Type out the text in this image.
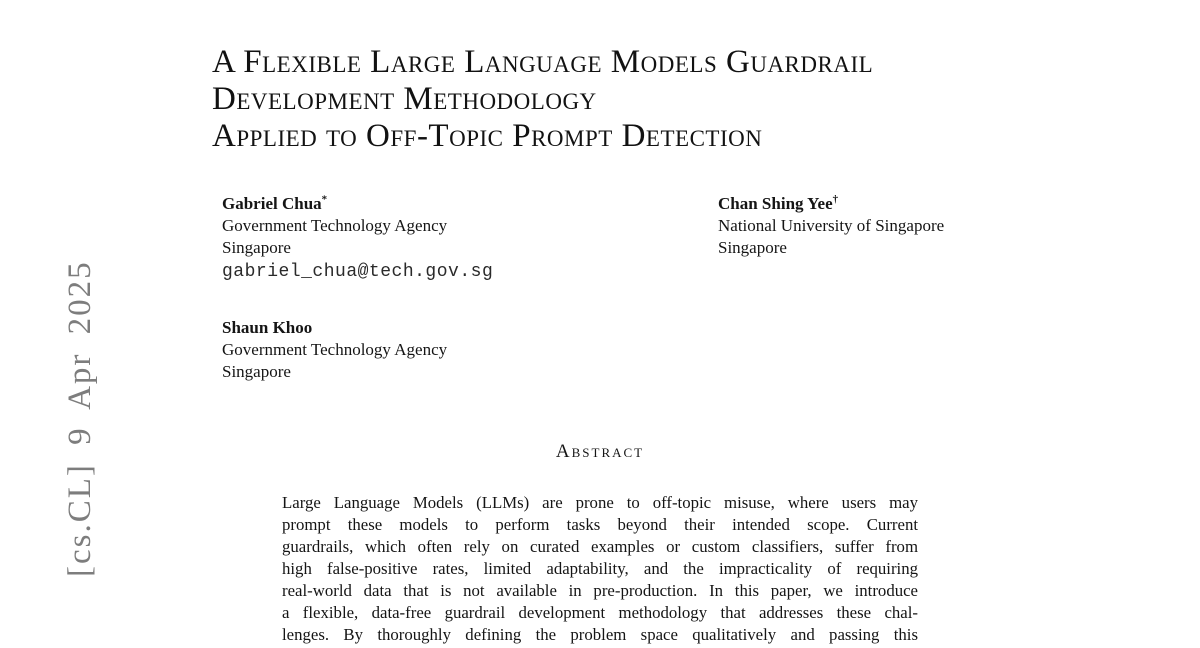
[cs.CL] 9 Apr 2025

A Flexible Large Language Models Guardrail
Development Methodology
Applied to Off-Topic Prompt Detection
Gabriel Chua*
Government Technology Agency
Singapore
gabriel_chua@tech.gov.sg
Chan Shing Yee†
National University of Singapore
Singapore
Shaun Khoo
Government Technology Agency
Singapore
Abstract
Large Language Models (LLMs) are prone to off-topic misuse, where users may
prompt these models to perform tasks beyond their intended scope. Current
guardrails, which often rely on curated examples or custom classifiers, suffer from
high false-positive rates, limited adaptability, and the impracticality of requiring
real-world data that is not available in pre-production. In this paper, we introduce
a flexible, data-free guardrail development methodology that addresses these chal-
lenges. By thoroughly defining the problem space qualitatively and passing this
